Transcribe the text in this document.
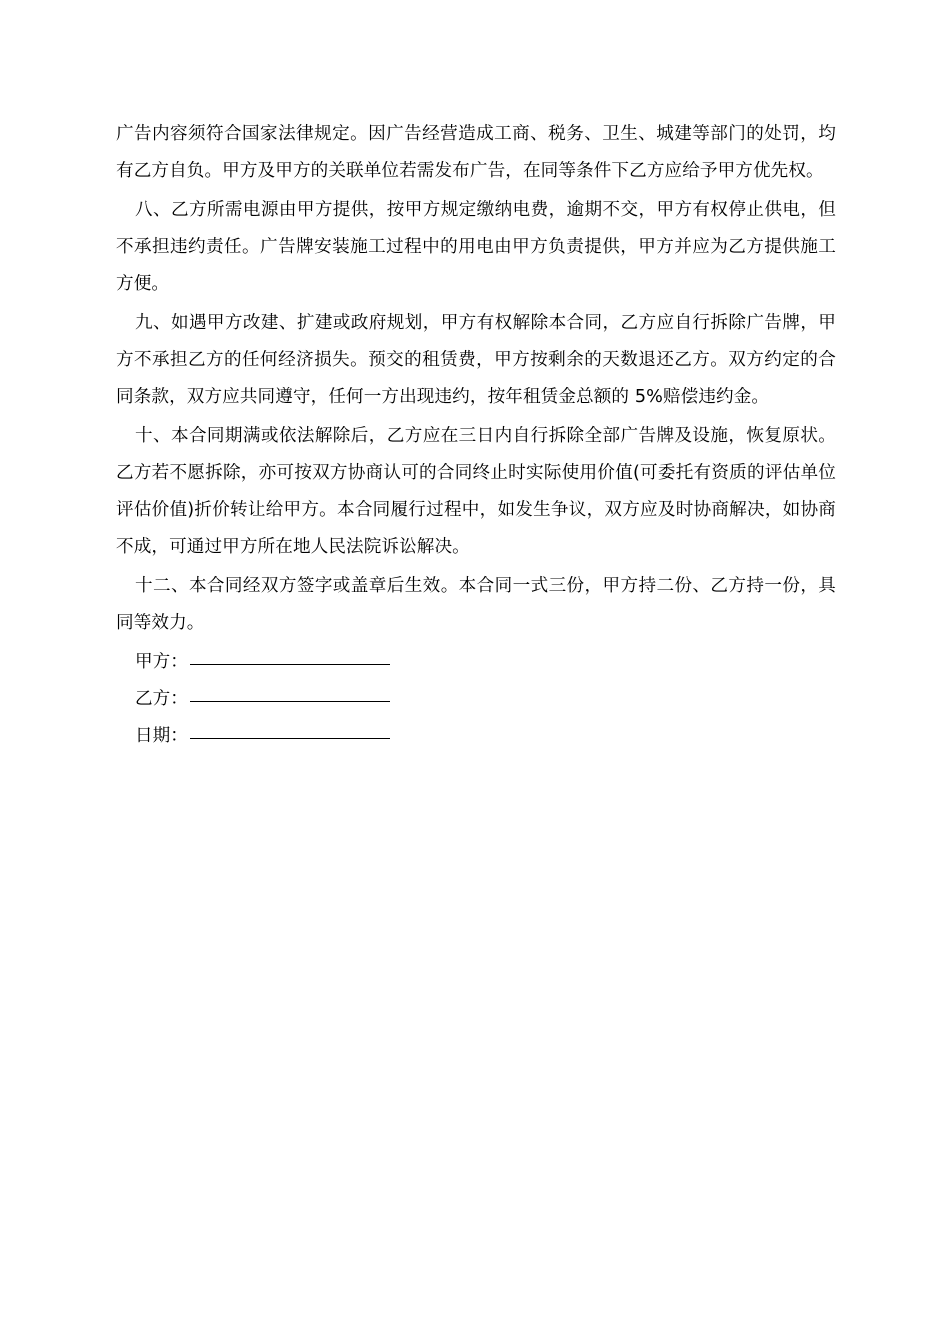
广告内容须符合国家法律规定。因广告经营造成工商、税务、卫生、城建等部门的处罚，均有乙方自负。甲方及甲方的关联单位若需发布广告，在同等条件下乙方应给予甲方优先权。

八、乙方所需电源由甲方提供，按甲方规定缴纳电费，逾期不交，甲方有权停止供电，但不承担违约责任。广告牌安装施工过程中的用电由甲方负责提供，甲方并应为乙方提供施工方便。

九、如遇甲方改建、扩建或政府规划，甲方有权解除本合同，乙方应自行拆除广告牌，甲方不承担乙方的任何经济损失。预交的租赁费，甲方按剩余的天数退还乙方。双方约定的合同条款，双方应共同遵守，任何一方出现违约，按年租赁金总额的 5%赔偿违约金。

十、本合同期满或依法解除后，乙方应在三日内自行拆除全部广告牌及设施，恢复原状。乙方若不愿拆除，亦可按双方协商认可的合同终止时实际使用价值(可委托有资质的评估单位评估价值)折价转让给甲方。本合同履行过程中，如发生争议，双方应及时协商解决，如协商不成，可通过甲方所在地人民法院诉讼解决。

十二、本合同经双方签字或盖章后生效。本合同一式三份，甲方持二份、乙方持一份，具同等效力。

甲方：
乙方：
日期：
